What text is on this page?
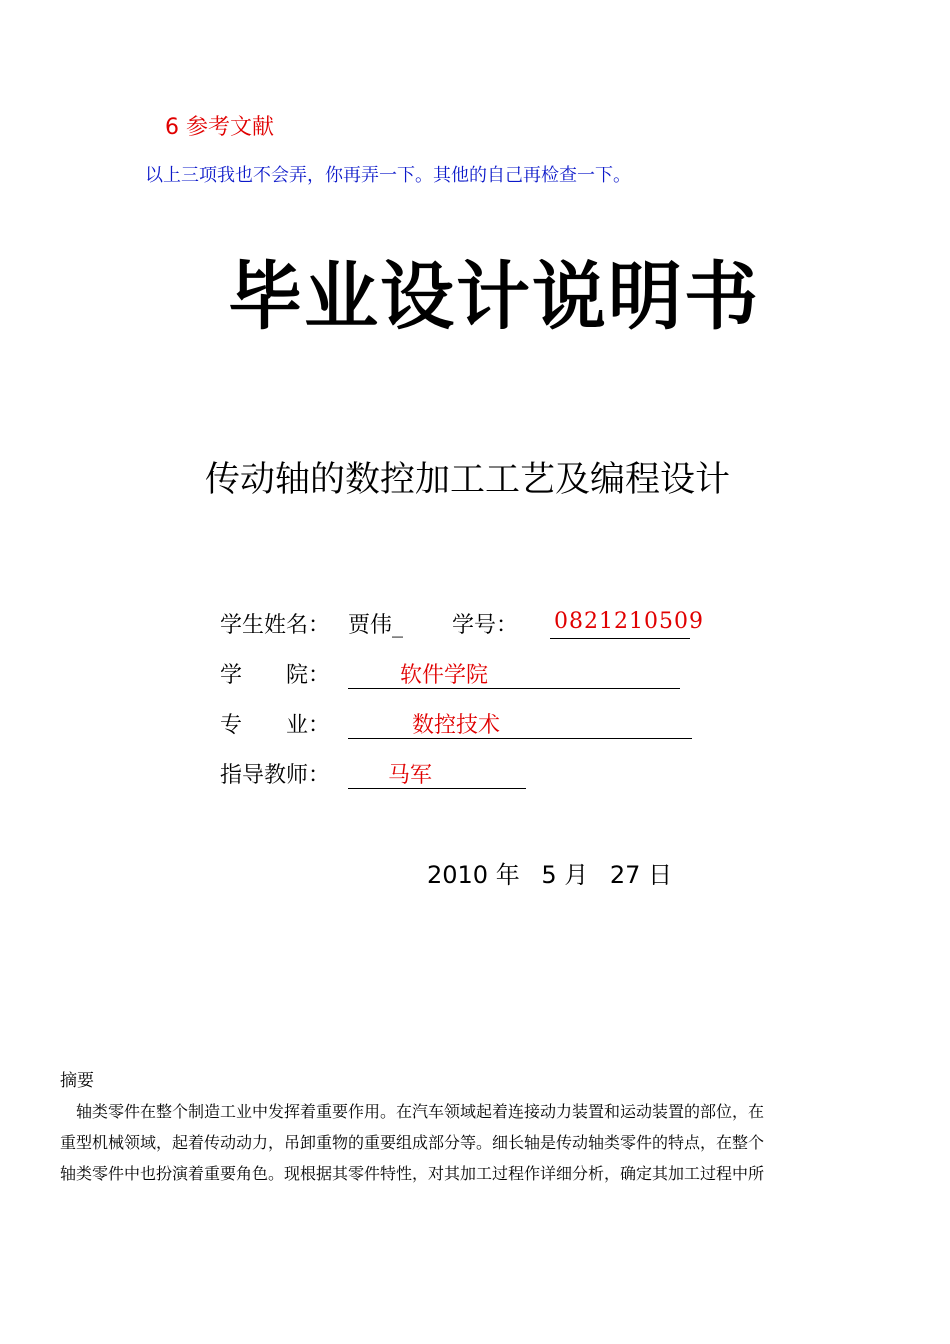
6 参考文献
以上三项我也不会弄，你再弄一下。其他的自己再检查一下。
毕业设计说明书
传动轴的数控加工工艺及编程设计
学生姓名： 贾伟_ 学号： 0821210509
学　　院：	软件学院
专　　业：	数控技术
指导教师：	马军
2010 年 5 月 27 日
摘要
　轴类零件在整个制造工业中发挥着重要作用。在汽车领域起着连接动力装置和运动装置的部位，在
重型机械领域，起着传动动力，吊卸重物的重要组成部分等。细长轴是传动轴类零件的特点，在整个
轴类零件中也扮演着重要角色。现根据其零件特性，对其加工过程作详细分析，确定其加工过程中所
